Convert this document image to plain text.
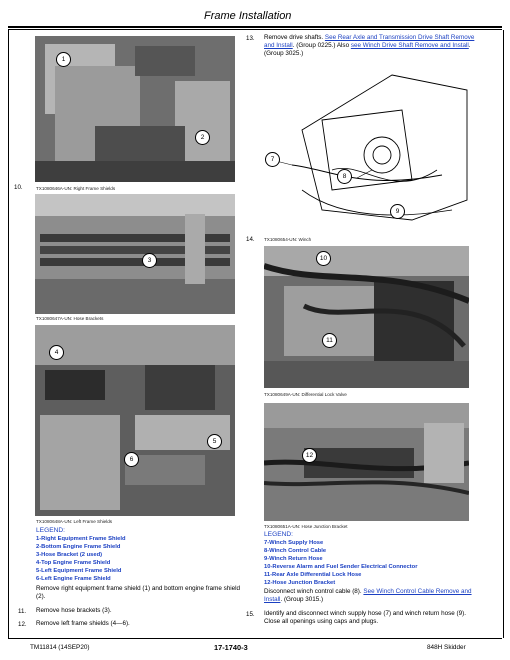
Frame Installation
1
2
10.	TX1080646A-UN: Right Frame Shields
3
TX1080647A-UN: Hose Brackets
4
5
6
TX1080648A-UN: Left Frame Shields
LEGEND:
1-Right Equipment Frame Shield
2-Bottom Engine Frame Shield
3-Hose Bracket (2 used)
4-Top Engine Frame Shield
5-Left Equipment Frame Shield
6-Left Engine Frame Shield
Remove right equipment frame shield (1) and bottom engine frame shield (2).
11. Remove hose brackets (3).
12. Remove left frame shields (4—6).
13. Remove drive shafts. See Rear Axle and Transmission Drive Shaft Remove and Install. (Group 0225.) Also see Winch Drive Shaft Remove and Install. (Group 3025.)
7
8
9
14. TX1080654-UN: Winch
10
11
TX1080649A-UN: Differential Lock Valve
12
TX1080651A-UN: Hose Junction Bracket
LEGEND:
7-Winch Supply Hose
8-Winch Control Cable
9-Winch Return Hose
10-Reverse Alarm and Fuel Sender Electrical Connector
11-Rear Axle Differential Lock Hose
12-Hose Junction Bracket
Disconnect winch control cable (8). See Winch Control Cable Remove and Install. (Group 3015.)
15. Identify and disconnect winch supply hose (7) and winch return hose (9). Close all openings using caps and plugs.
TM11814 (14SEP20)	17-1740-3	848H Skidder
